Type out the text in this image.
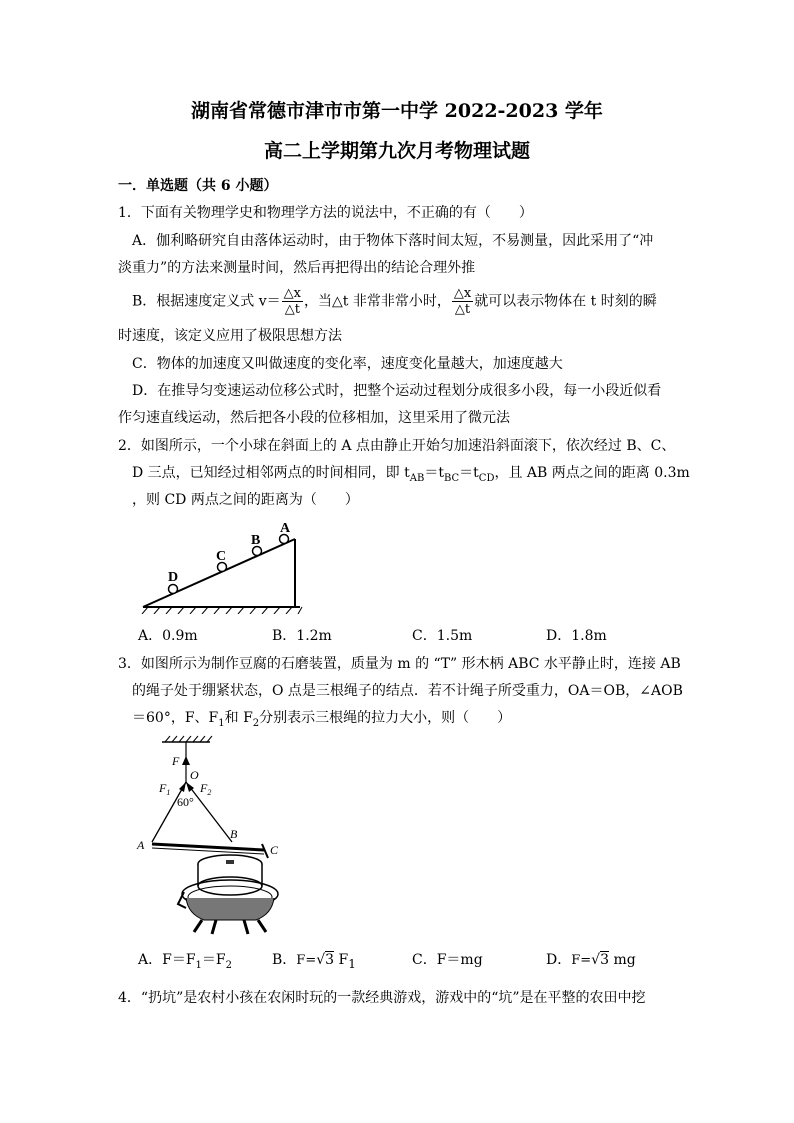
湖南省常德市津市市第一中学 2022-2023 学年
高二上学期第九次月考物理试题
一．单选题（共 6 小题）
1．下面有关物理学史和物理学方法的说法中，不正确的有（　　）
A．伽利略研究自由落体运动时，由于物体下落时间太短，不易测量，因此采用了“冲
淡重力”的方法来测量时间，然后再把得出的结论合理外推
B．根据速度定义式 $v= \frac{\triangle x}{\triangle t}$ ，当△t 非常非常小时， $\frac{\triangle x}{\triangle t}$ 就可以表示物体在 t 时刻的瞬
时速度，该定义应用了极限思想方法
C．物体的加速度又叫做速度的变化率，速度变化量越大，加速度越大
D．在推导匀变速运动位移公式时，把整个运动过程划分成很多小段，每一小段近似看
作匀速直线运动，然后把各小段的位移相加，这里采用了微元法
2．如图所示，一个小球在斜面上的 A 点由静止开始匀加速沿斜面滚下，依次经过 B、C、
D 三点，已知经过相邻两点的时间相同，即 $t_{AB}=t_{BC}=t_{CD}$，且 AB 两点之间的距离 0.3m
，则 CD 两点之间的距离为（　　）
A
B
C
D
A．0.9m	B．1.2m	C．1.5m	D．1.8m
3．如图所示为制作豆腐的石磨装置，质量为 m 的 “T” 形木柄 ABC 水平静止时，连接 AB
的绳子处于绷紧状态，O 点是三根绳子的结点．若不计绳子所受重力，OA＝OB，∠AOB
＝60°，F、$F_1$和 $F_2$分别表示三根绳的拉力大小，则（　　）
F
O
$F_1$ $F_2$
60°
A
B
C
A．$F=F_1=F_2$	B．F=√3 $F_1$	C．F＝mg	D．F=√3 mg
4．“扔坑”是农村小孩在农闲时玩的一款经典游戏，游戏中的“坑”是在平整的农田中挖
